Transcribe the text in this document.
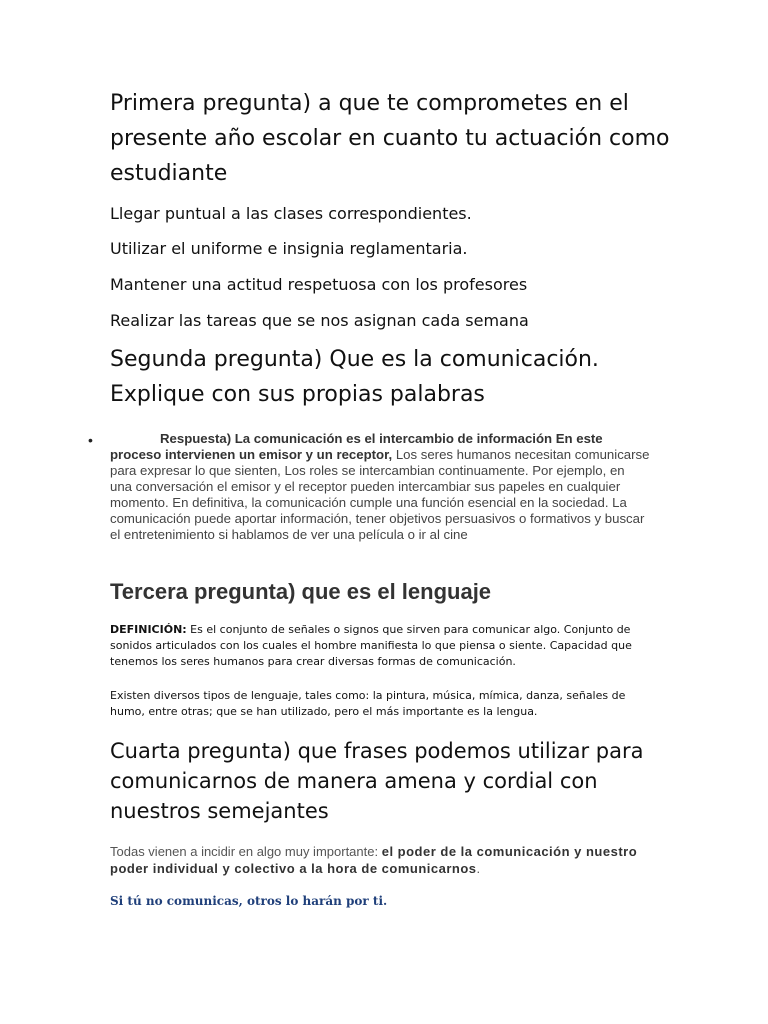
Primera pregunta) a que te comprometes en el presente año escolar en cuanto tu actuación como estudiante

Llegar puntual a las clases correspondientes.

Utilizar el uniforme e insignia reglamentaria.

Mantener una actitud respetuosa con los profesores

Realizar las tareas que se nos asignan cada semana

Segunda pregunta) Que es la comunicación. Explique con sus propias palabras
•	Respuesta) La comunicación es el intercambio de información En este proceso intervienen un emisor y un receptor, Los seres humanos necesitan comunicarse para expresar lo que sienten, Los roles se intercambian continuamente. Por ejemplo, en una conversación el emisor y el receptor pueden intercambiar sus papeles en cualquier momento. En definitiva, la comunicación cumple una función esencial en la sociedad. La comunicación puede aportar información, tener objetivos persuasivos o formativos y buscar el entretenimiento si hablamos de ver una película o ir al cine

Tercera pregunta) que es el lenguaje

DEFINICIÓN: Es el conjunto de señales o signos que sirven para comunicar algo. Conjunto de sonidos articulados con los cuales el hombre manifiesta lo que piensa o siente. Capacidad que tenemos los seres humanos para crear diversas formas de comunicación.

Existen diversos tipos de lenguaje, tales como: la pintura, música, mímica, danza, señales de humo, entre otras; que se han utilizado, pero el más importante es la lengua.

Cuarta pregunta) que frases podemos utilizar para comunicarnos de manera amena y cordial con nuestros semejantes

Todas vienen a incidir en algo muy importante: el poder de la comunicación y nuestro poder individual y colectivo a la hora de comunicarnos.

Si tú no comunicas, otros lo harán por ti.
